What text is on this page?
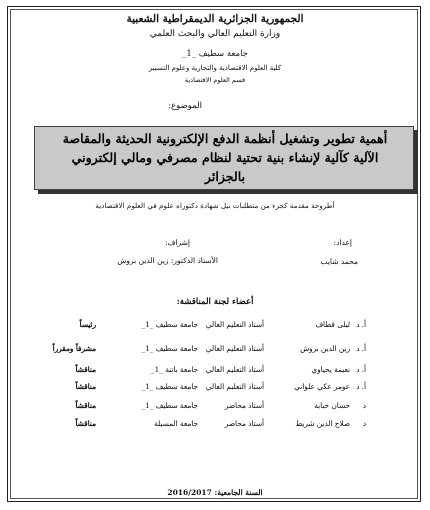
الجمهورية الجزائرية الديمقراطية الشعبية
وزارة التعليم العالي والبحث العلمي
جامعة سطيف _1_
كلية العلوم الاقتصادية والتجارية وعلوم التسيير
قسم العلوم الاقتصادية
الموضوع:
أهمية تطوير وتشغيل أنظمة الدفع الإلكترونية الحديثة والمقاصة
الآلية كآلية لإنشاء بنية تحتية لنظام مصرفي ومالي إلكتروني
بالجزائر
أطروحة مقدمة كجزء من متطلبات نيل شهادة دكتوراه علوم في العلوم الاقتصادية
إعداد:
محمد شايب
إشراف:
الأستاذ الدكتور: زين الدين بروش
أعضاء لجنة المناقشة:
أ. د
ليلى قطاف
أستاذ التعليم العالي
جامعة سطيف _1_
رئيساً
أ. د
زين الدين بروش
أستاذ التعليم العالي
جامعة سطيف _1_
مشرفاً ومقرراً
أ. د
نعيمة يحياوي
أستاذ التعليم العالي
جامعة باتنة _1_
مناقشاً
أ. د
عومر عكي علواني
أستاذ التعليم العالي
جامعة سطيف _1_
مناقشاً
د
حسان خبابة
أستاذ محاضر
جامعة سطيف _1_
مناقشاً
د
صلاح الدين شريط
أستاذ محاضر
جامعة المسيلة
مناقشاً
السنة الجامعية: 2016/2017
